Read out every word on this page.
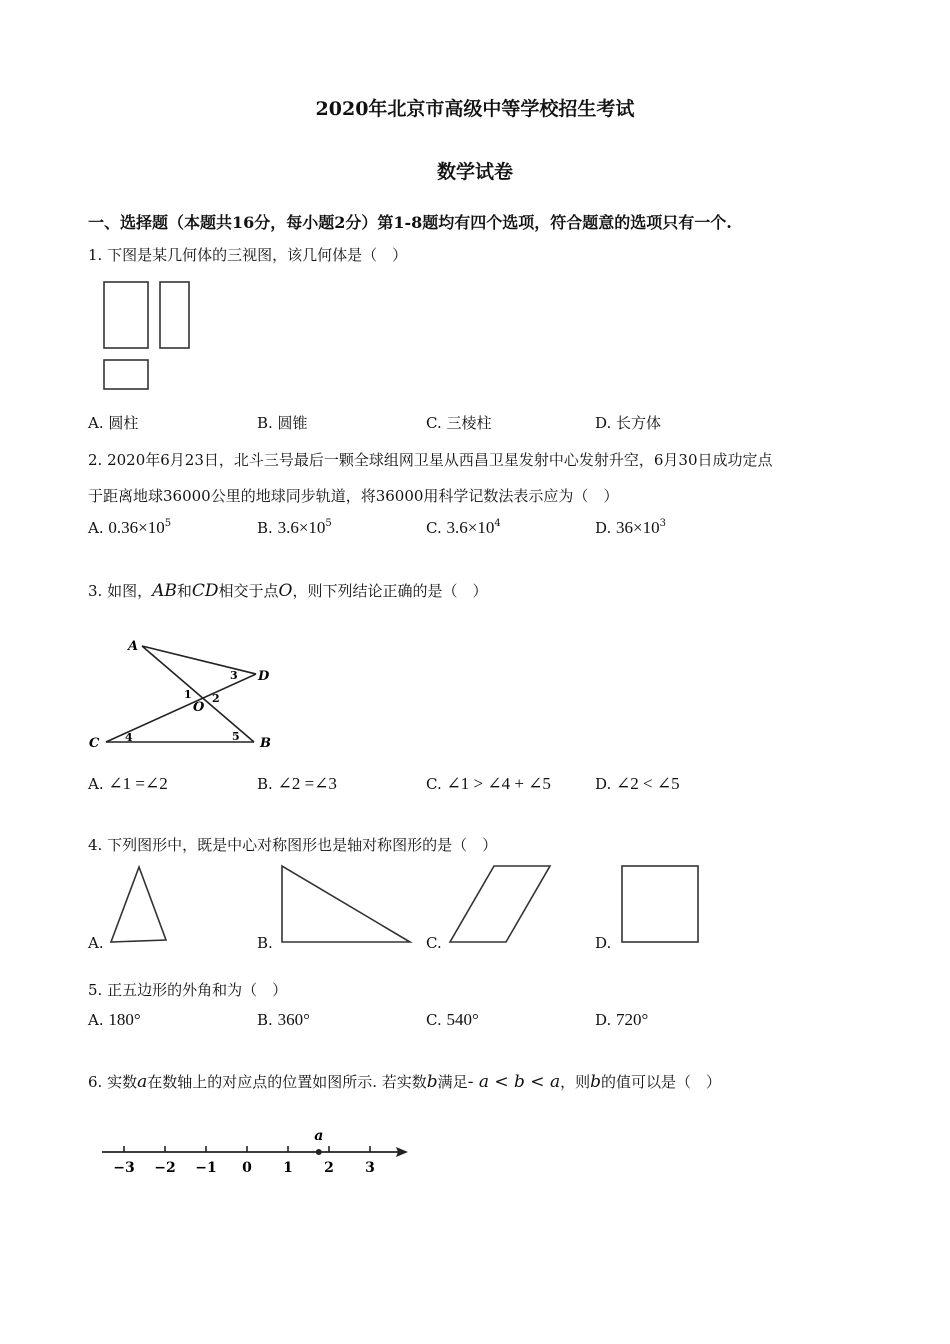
2020年北京市高级中等学校招生考试
数学试卷
一、选择题（本题共16分，每小题2分）第1-8题均有四个选项，符合题意的选项只有一个.
1. 下图是某几何体的三视图，该几何体是（　）
A. 圆柱	B. 圆锥	C. 三棱柱	D. 长方体
2. 2020年6月23日，北斗三号最后一颗全球组网卫星从西昌卫星发射中心发射升空，6月30日成功定点
于距离地球36000公里的地球同步轨道，将36000用科学记数法表示应为（　）
A. $0.36\times 10^5$	B. $3.6\times 10^5$	C. $3.6\times 10^4$	D. $36\times 10^3$
3. 如图，AB和CD相交于点O，则下列结论正确的是（　）
A
D
C	B
O
1 2
3
4	5
A. ∠1 =∠2	B. ∠2 =∠3	C. ∠1 > ∠4 + ∠5	D. ∠2 < ∠5
4. 下列图形中，既是中心对称图形也是轴对称图形的是（　）
A.	B.	C.	D.
5. 正五边形的外角和为（　）
A. 180°	B. 360°	C. 540°	D. 720°
6. 实数a在数轴上的对应点的位置如图所示. 若实数b满足- a < b < a，则b的值可以是（　）
−3 −2 −1 0 1 2 3
a
